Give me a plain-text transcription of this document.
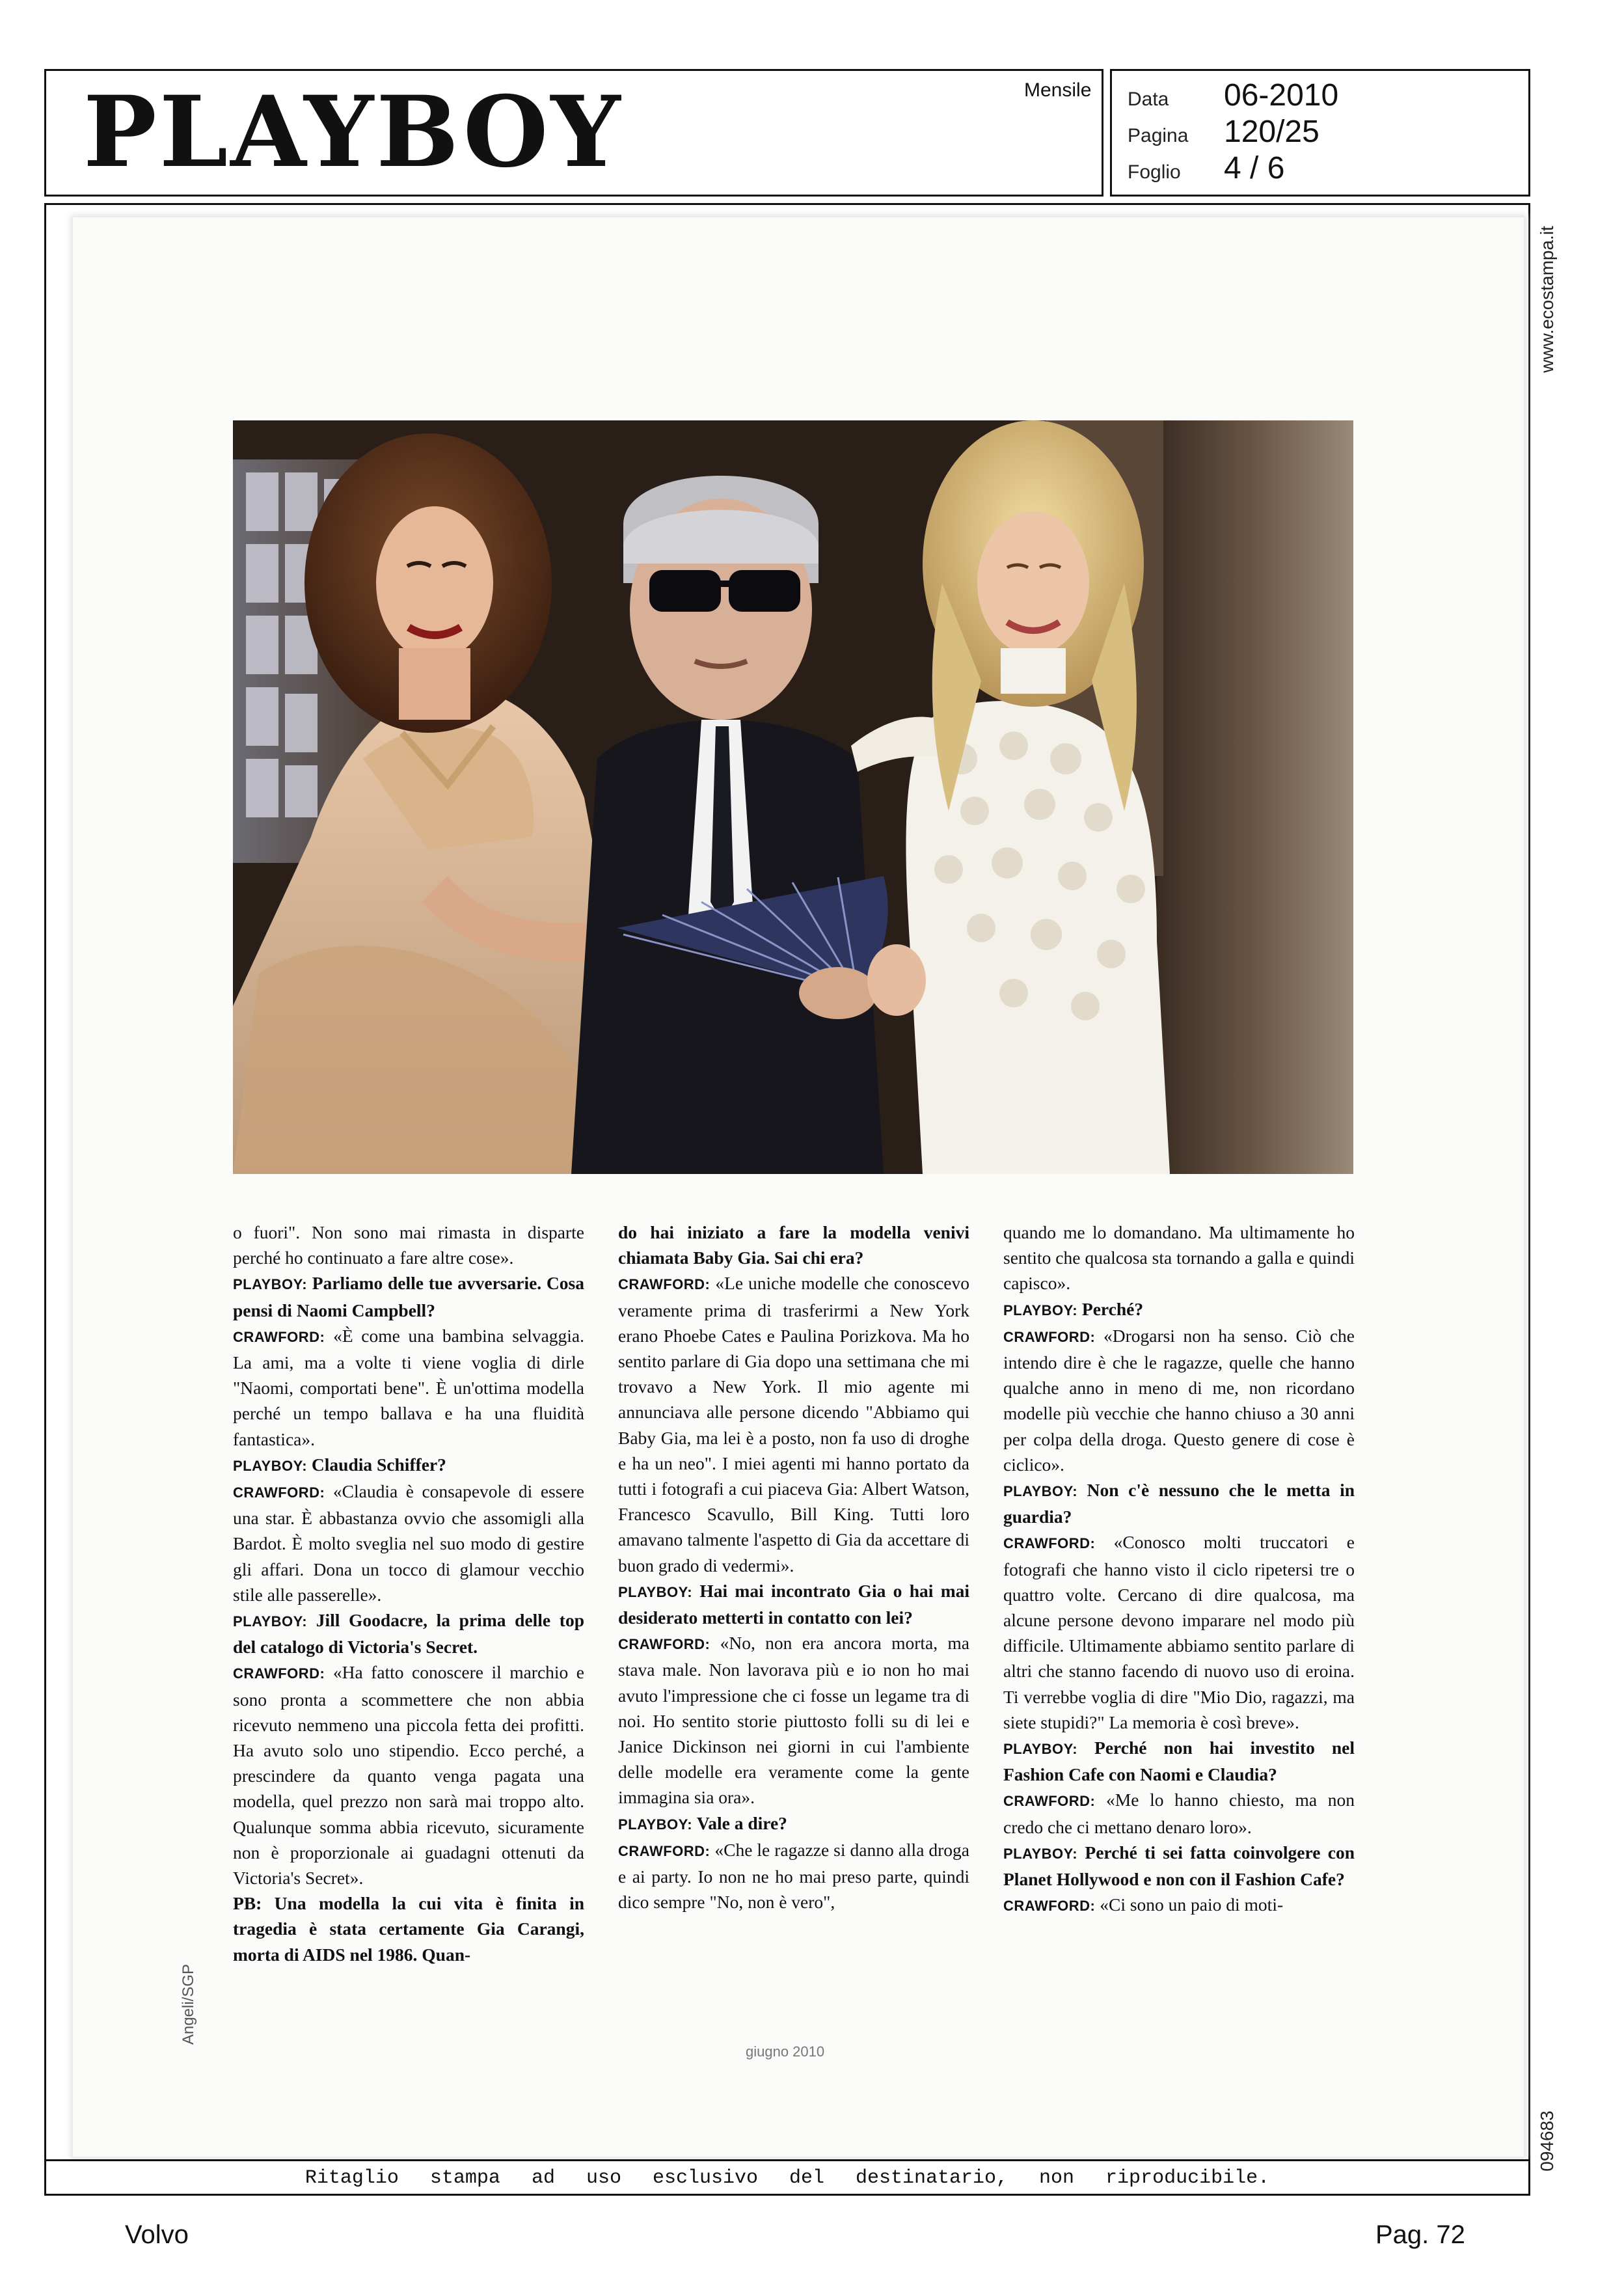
PLAYBOY	Mensile Data	06-2010
Pagina	120/25
Foglio	4 / 6
www.ecostampa.it
094683
Angeli/SGP

o fuori". Non sono mai rimasta in disparte perché ho continuato a fare altre cose».

PLAYBOY: Parliamo delle tue avversarie. Cosa pensi di Naomi Campbell?

CRAWFORD: «È come una bambina selvaggia. La ami, ma a volte ti viene voglia di dirle "Naomi, comportati bene". È un'ottima modella perché un tempo ballava e ha una fluidità fantastica».

PLAYBOY: Claudia Schiffer?

CRAWFORD: «Claudia è consapevole di essere una star. È abbastanza ovvio che assomigli alla Bardot. È molto sveglia nel suo modo di gestire gli affari. Dona un tocco di glamour vecchio stile alle passerelle».

PLAYBOY: Jill Goodacre, la prima delle top del catalogo di Victoria's Secret.

CRAWFORD: «Ha fatto conoscere il marchio e sono pronta a scommettere che non abbia ricevuto nemmeno una piccola fetta dei profitti. Ha avuto solo uno stipendio. Ecco perché, a prescindere da quanto venga pagata una modella, quel prezzo non sarà mai troppo alto. Qualunque somma abbia ricevuto, sicuramente non è proporzionale ai guadagni ottenuti da Victoria's Secret».

PB: Una modella la cui vita è finita in tragedia è stata certamente Gia Carangi, morta di AIDS nel 1986. Quan-

do hai iniziato a fare la modella venivi chiamata Baby Gia. Sai chi era?

CRAWFORD: «Le uniche modelle che conoscevo veramente prima di trasferirmi a New York erano Phoebe Cates e Paulina Porizkova. Ma ho sentito parlare di Gia dopo una settimana che mi trovavo a New York. Il mio agente mi annunciava alle persone dicendo "Abbiamo qui Baby Gia, ma lei è a posto, non fa uso di droghe e ha un neo". I miei agenti mi hanno portato da tutti i fotografi a cui piaceva Gia: Albert Watson, Francesco Scavullo, Bill King. Tutti loro amavano talmente l'aspetto di Gia da accettare di buon grado di vedermi».

PLAYBOY: Hai mai incontrato Gia o hai mai desiderato metterti in contatto con lei?

CRAWFORD: «No, non era ancora morta, ma stava male. Non lavorava più e io non ho mai avuto l'impressione che ci fosse un legame tra di noi. Ho sentito storie piuttosto folli su di lei e Janice Dickinson nei giorni in cui l'ambiente delle modelle era veramente come la gente immagina sia ora».

PLAYBOY: Vale a dire?

CRAWFORD: «Che le ragazze si danno alla droga e ai party. Io non ne ho mai preso parte, quindi dico sempre "No, non è vero",

quando me lo domandano. Ma ultimamente ho sentito che qualcosa sta tornando a galla e quindi capisco».

PLAYBOY: Perché?

CRAWFORD: «Drogarsi non ha senso. Ciò che intendo dire è che le ragazze, quelle che hanno qualche anno in meno di me, non ricordano modelle più vecchie che hanno chiuso a 30 anni per colpa della droga. Questo genere di cose è ciclico».

PLAYBOY: Non c'è nessuno che le metta in guardia?

CRAWFORD: «Conosco molti truccatori e fotografi che hanno visto il ciclo ripetersi tre o quattro volte. Cercano di dire qualcosa, ma alcune persone devono imparare nel modo più difficile. Ultimamente abbiamo sentito parlare di altri che stanno facendo di nuovo uso di eroina. Ti verrebbe voglia di dire "Mio Dio, ragazzi, ma siete stupidi?" La memoria è così breve».

PLAYBOY: Perché non hai investito nel Fashion Cafe con Naomi e Claudia?

CRAWFORD: «Me lo hanno chiesto, ma non credo che ci mettano denaro loro».

PLAYBOY: Perché ti sei fatta coinvolgere con Planet Hollywood e non con il Fashion Cafe?

CRAWFORD: «Ci sono un paio di moti-

giugno 2010
Ritaglio stampa ad uso esclusivo del destinatario, non riproducibile.
Volvo	Pag. 72
